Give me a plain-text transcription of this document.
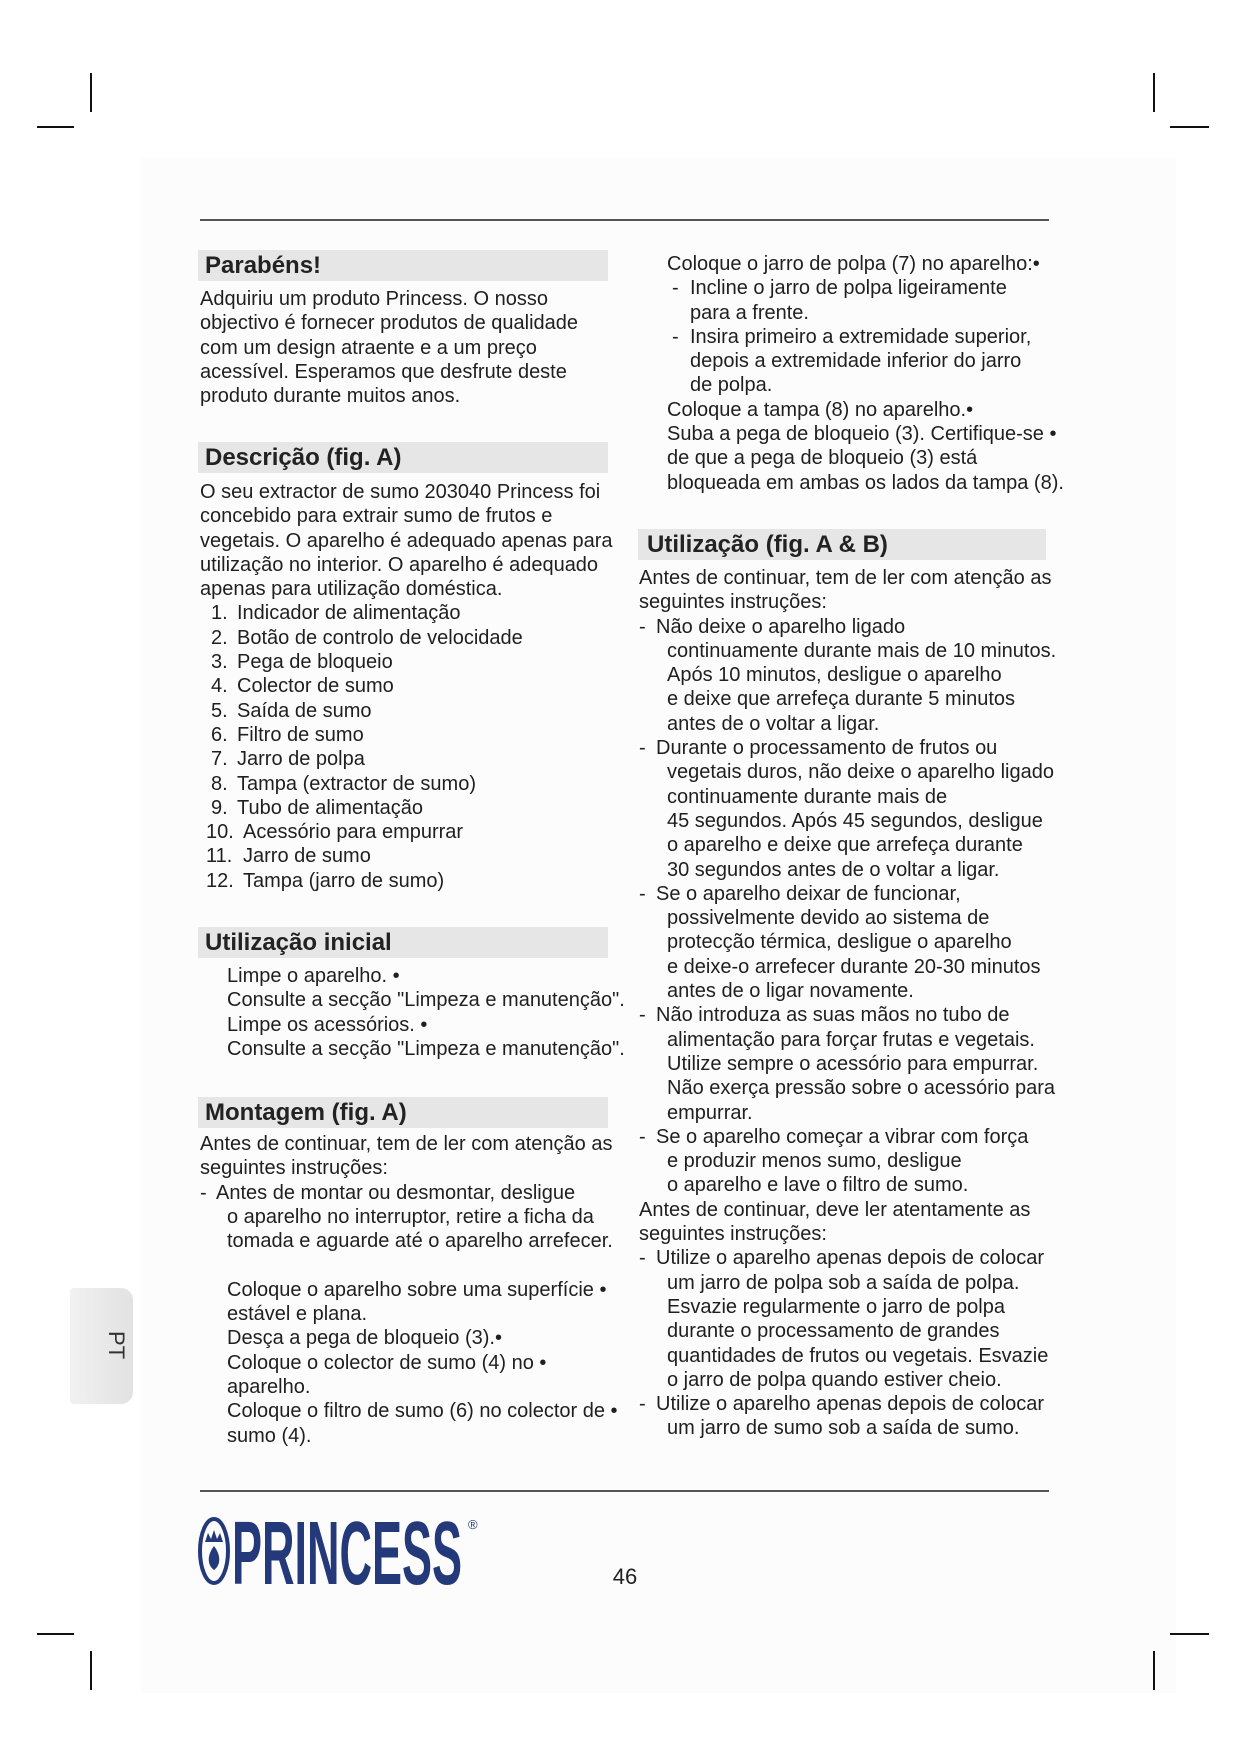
Parabéns!
Adquiriu um produto Princess. O nosso
objectivo é fornecer produtos de qualidade
com um design atraente e a um preço
acessível. Esperamos que desfrute deste
produto durante muitos anos.
Descrição (fig. A)
O seu extractor de sumo 203040 Princess foi
concebido para extrair sumo de frutos e
vegetais. O aparelho é adequado apenas para
utilização no interior. O aparelho é adequado
apenas para utilização doméstica.
1. Indicador de alimentação
2. Botão de controlo de velocidade
3. Pega de bloqueio
4. Colector de sumo
5. Saída de sumo
6. Filtro de sumo
7. Jarro de polpa
8. Tampa (extractor de sumo)
9. Tubo de alimentação
10. Acessório para empurrar
11. Jarro de sumo
12. Tampa (jarro de sumo)
Utilização inicial
Limpe o aparelho. •
Consulte a secção "Limpeza e manutenção".
Limpe os acessórios. •
Consulte a secção "Limpeza e manutenção".
Montagem (fig. A)
Antes de continuar, tem de ler com atenção as
seguintes instruções:
- Antes de montar ou desmontar, desligue
o aparelho no interruptor, retire a ficha da
tomada e aguarde até o aparelho arrefecer.
Coloque o aparelho sobre uma superfície •
estável e plana.
Desça a pega de bloqueio (3).•
Coloque o colector de sumo (4) no •
aparelho.
Coloque o filtro de sumo (6) no colector de •
sumo (4).
Coloque o jarro de polpa (7) no aparelho:•
- Incline o jarro de polpa ligeiramente
para a frente.
- Insira primeiro a extremidade superior,
depois a extremidade inferior do jarro
de polpa.
Coloque a tampa (8) no aparelho.•
Suba a pega de bloqueio (3). Certifique-se •
de que a pega de bloqueio (3) está
bloqueada em ambas os lados da tampa (8).
Utilização (fig. A & B)
Antes de continuar, tem de ler com atenção as
seguintes instruções:
- Não deixe o aparelho ligado
continuamente durante mais de 10 minutos.
Após 10 minutos, desligue o aparelho
e deixe que arrefeça durante 5 minutos
antes de o voltar a ligar.
- Durante o processamento de frutos ou
vegetais duros, não deixe o aparelho ligado
continuamente durante mais de
45 segundos. Após 45 segundos, desligue
o aparelho e deixe que arrefeça durante
30 segundos antes de o voltar a ligar.
- Se o aparelho deixar de funcionar,
possivelmente devido ao sistema de
protecção térmica, desligue o aparelho
e deixe-o arrefecer durante 20-30 minutos
antes de o ligar novamente.
- Não introduza as suas mãos no tubo de
alimentação para forçar frutas e vegetais.
Utilize sempre o acessório para empurrar.
Não exerça pressão sobre o acessório para
empurrar.
- Se o aparelho começar a vibrar com força
e produzir menos sumo, desligue
o aparelho e lave o filtro de sumo.
Antes de continuar, deve ler atentamente as
seguintes instruções:
- Utilize o aparelho apenas depois de colocar
um jarro de polpa sob a saída de polpa.
Esvazie regularmente o jarro de polpa
durante o processamento de grandes
quantidades de frutos ou vegetais. Esvazie
o jarro de polpa quando estiver cheio.
- Utilize o aparelho apenas depois de colocar
um jarro de sumo sob a saída de sumo.
PT
PRINCESS ®
46
